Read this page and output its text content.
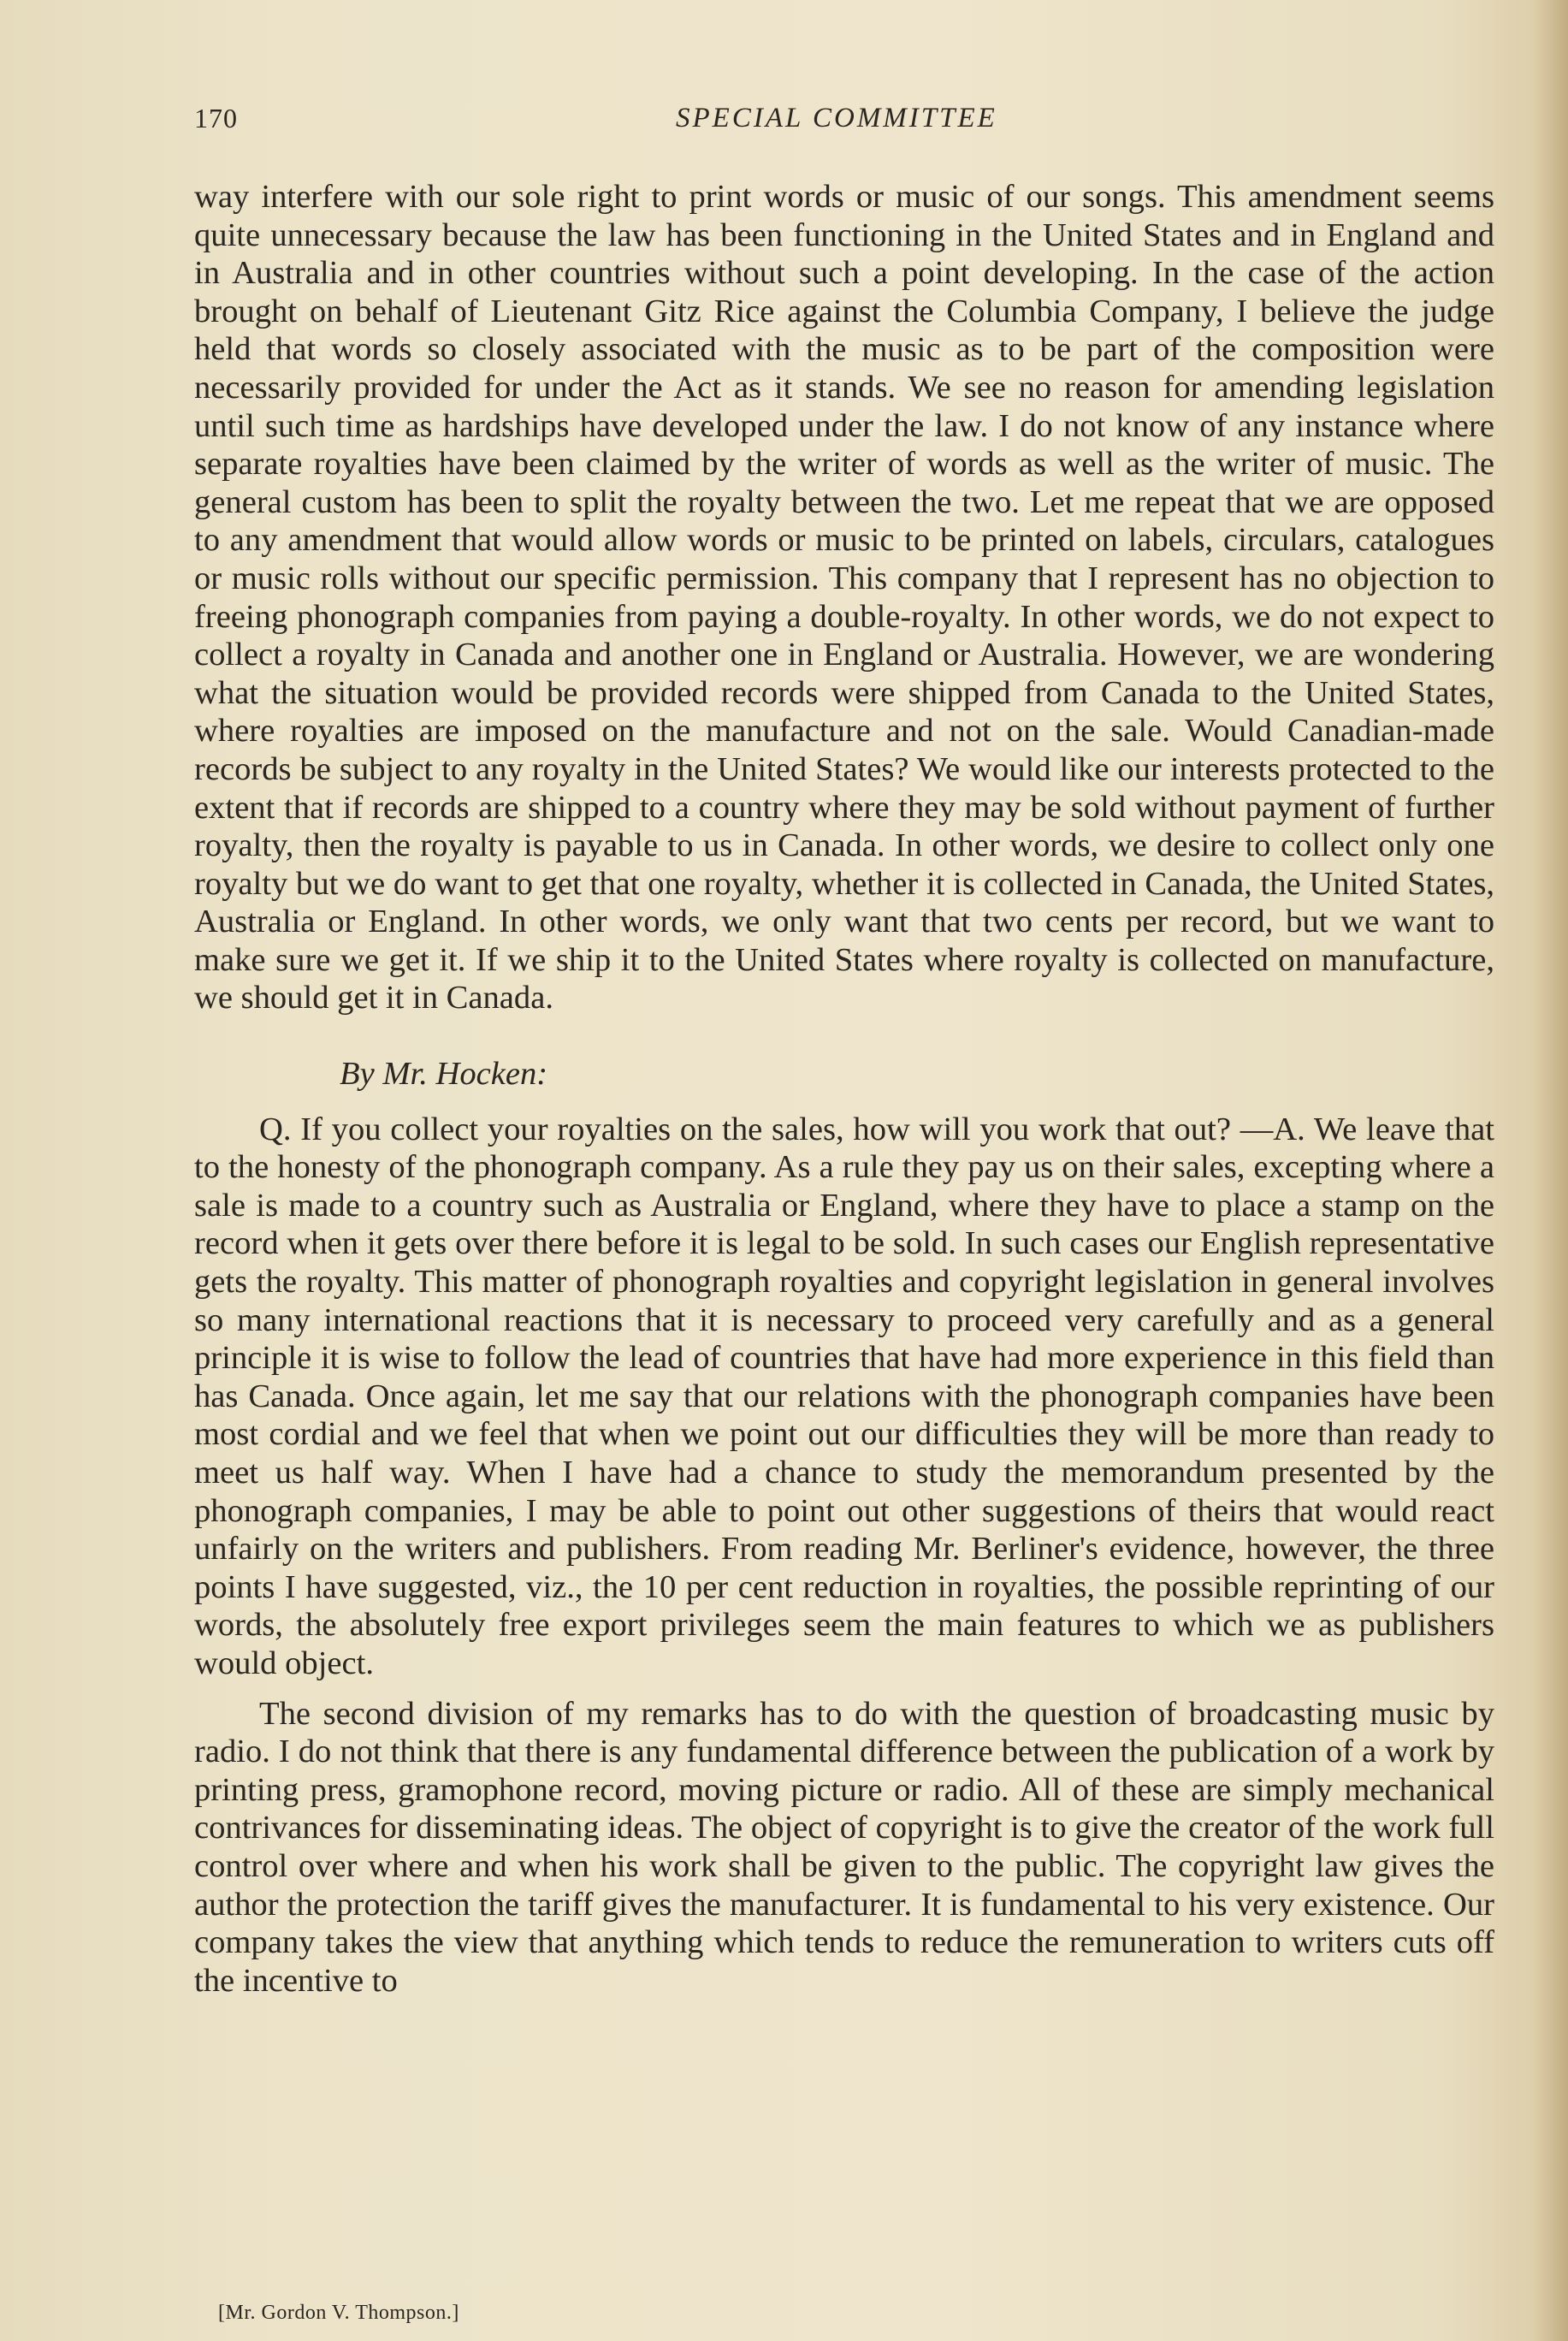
170	SPECIAL COMMITTEE

way interfere with our sole right to print words or music of our songs. This amendment seems quite unnecessary because the law has been functioning in the United States and in England and in Australia and in other countries without such a point developing. In the case of the action brought on behalf of Lieutenant Gitz Rice against the Columbia Company, I believe the judge held that words so closely associated with the music as to be part of the composition were necessarily provided for under the Act as it stands. We see no reason for amending legislation until such time as hardships have developed under the law. I do not know of any instance where separate royalties have been claimed by the writer of words as well as the writer of music. The general custom has been to split the royalty between the two. Let me repeat that we are opposed to any amendment that would allow words or music to be printed on labels, circulars, catalogues or music rolls without our specific permission. This company that I represent has no objection to freeing phonograph companies from paying a double-royalty. In other words, we do not expect to collect a royalty in Canada and another one in England or Australia. However, we are wondering what the situation would be provided records were shipped from Canada to the United States, where royalties are imposed on the manufacture and not on the sale. Would Canadian-made records be subject to any royalty in the United States? We would like our interests protected to the extent that if records are shipped to a country where they may be sold without payment of further royalty, then the royalty is payable to us in Canada. In other words, we desire to collect only one royalty but we do want to get that one royalty, whether it is collected in Canada, the United States, Australia or England. In other words, we only want that two cents per record, but we want to make sure we get it. If we ship it to the United States where royalty is collected on manufacture, we should get it in Canada.

By Mr. Hocken:

Q. If you collect your royalties on the sales, how will you work that out? —A. We leave that to the honesty of the phonograph company. As a rule they pay us on their sales, excepting where a sale is made to a country such as Australia or England, where they have to place a stamp on the record when it gets over there before it is legal to be sold. In such cases our English representative gets the royalty. This matter of phonograph royalties and copyright legislation in general involves so many international reactions that it is necessary to proceed very carefully and as a general principle it is wise to follow the lead of countries that have had more experience in this field than has Canada. Once again, let me say that our relations with the phonograph companies have been most cordial and we feel that when we point out our difficulties they will be more than ready to meet us half way. When I have had a chance to study the memorandum presented by the phonograph companies, I may be able to point out other suggestions of theirs that would react unfairly on the writers and publishers. From reading Mr. Berliner's evidence, however, the three points I have suggested, viz., the 10 per cent reduction in royalties, the possible reprinting of our words, the absolutely free export privileges seem the main features to which we as publishers would object.

The second division of my remarks has to do with the question of broadcasting music by radio. I do not think that there is any fundamental difference between the publication of a work by printing press, gramophone record, moving picture or radio. All of these are simply mechanical contrivances for disseminating ideas. The object of copyright is to give the creator of the work full control over where and when his work shall be given to the public. The copyright law gives the author the protection the tariff gives the manufacturer. It is fundamental to his very existence. Our company takes the view that anything which tends to reduce the remuneration to writers cuts off the incentive to

[Mr. Gordon V. Thompson.]
